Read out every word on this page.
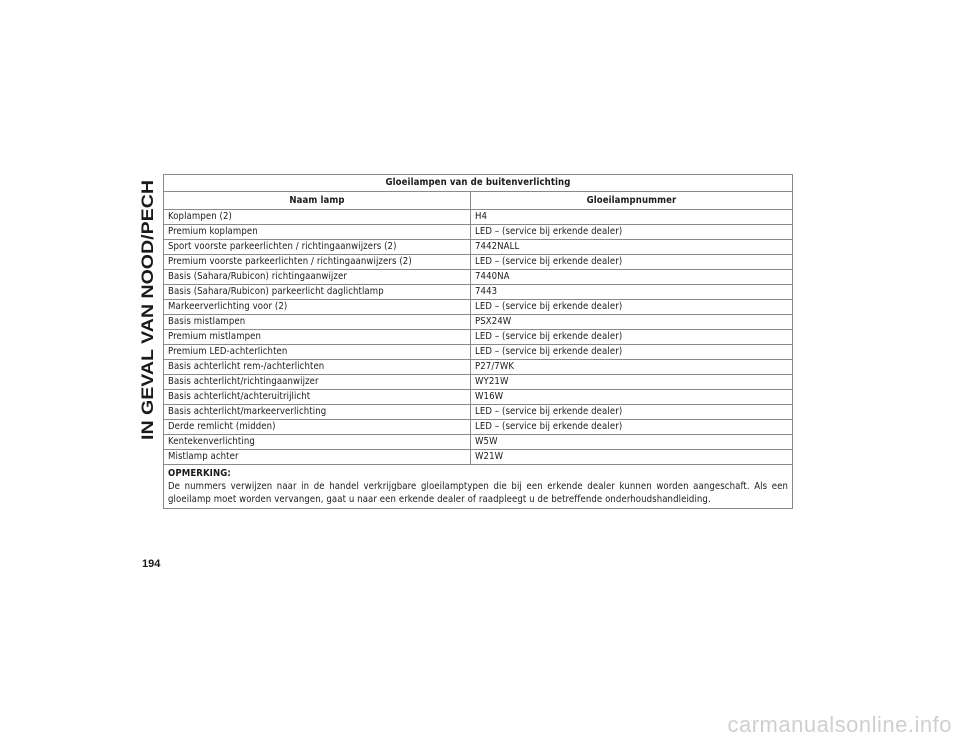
IN GEVAL VAN NOOD/PECH
Gloeilampen van de buitenverlichting	
Naam lamp	Gloeilampnummer
Koplampen (2)	H4
Premium koplampen	LED – (service bij erkende dealer)
Sport voorste parkeerlichten / richtingaanwijzers (2)	7442NALL
Premium voorste parkeerlichten / richtingaanwijzers (2)	LED – (service bij erkende dealer)
Basis (Sahara/Rubicon) richtingaanwijzer	7440NA
Basis (Sahara/Rubicon) parkeerlicht daglichtlamp	7443
Markeerverlichting voor (2)	LED – (service bij erkende dealer)
Basis mistlampen	PSX24W
Premium mistlampen	LED – (service bij erkende dealer)
Premium LED-achterlichten	LED – (service bij erkende dealer)
Basis achterlicht rem-/achterlichten	P27/7WK
Basis achterlicht/richtingaanwijzer	WY21W
Basis achterlicht/achteruitrijlicht	W16W
Basis achterlicht/markeerverlichting	LED – (service bij erkende dealer)
Derde remlicht (midden)	LED – (service bij erkende dealer)
Kentekenverlichting	W5W
Mistlamp achter	W21W

OPMERKING:
De nummers verwijzen naar in de handel verkrijgbare gloeilamptypen die bij een erkende dealer kunnen worden aangeschaft. Als een gloeilamp moet worden vervangen, gaat u naar een erkende dealer of raadpleegt u de betreffende onderhoudshandleiding.	
194
carmanualsonline.info
